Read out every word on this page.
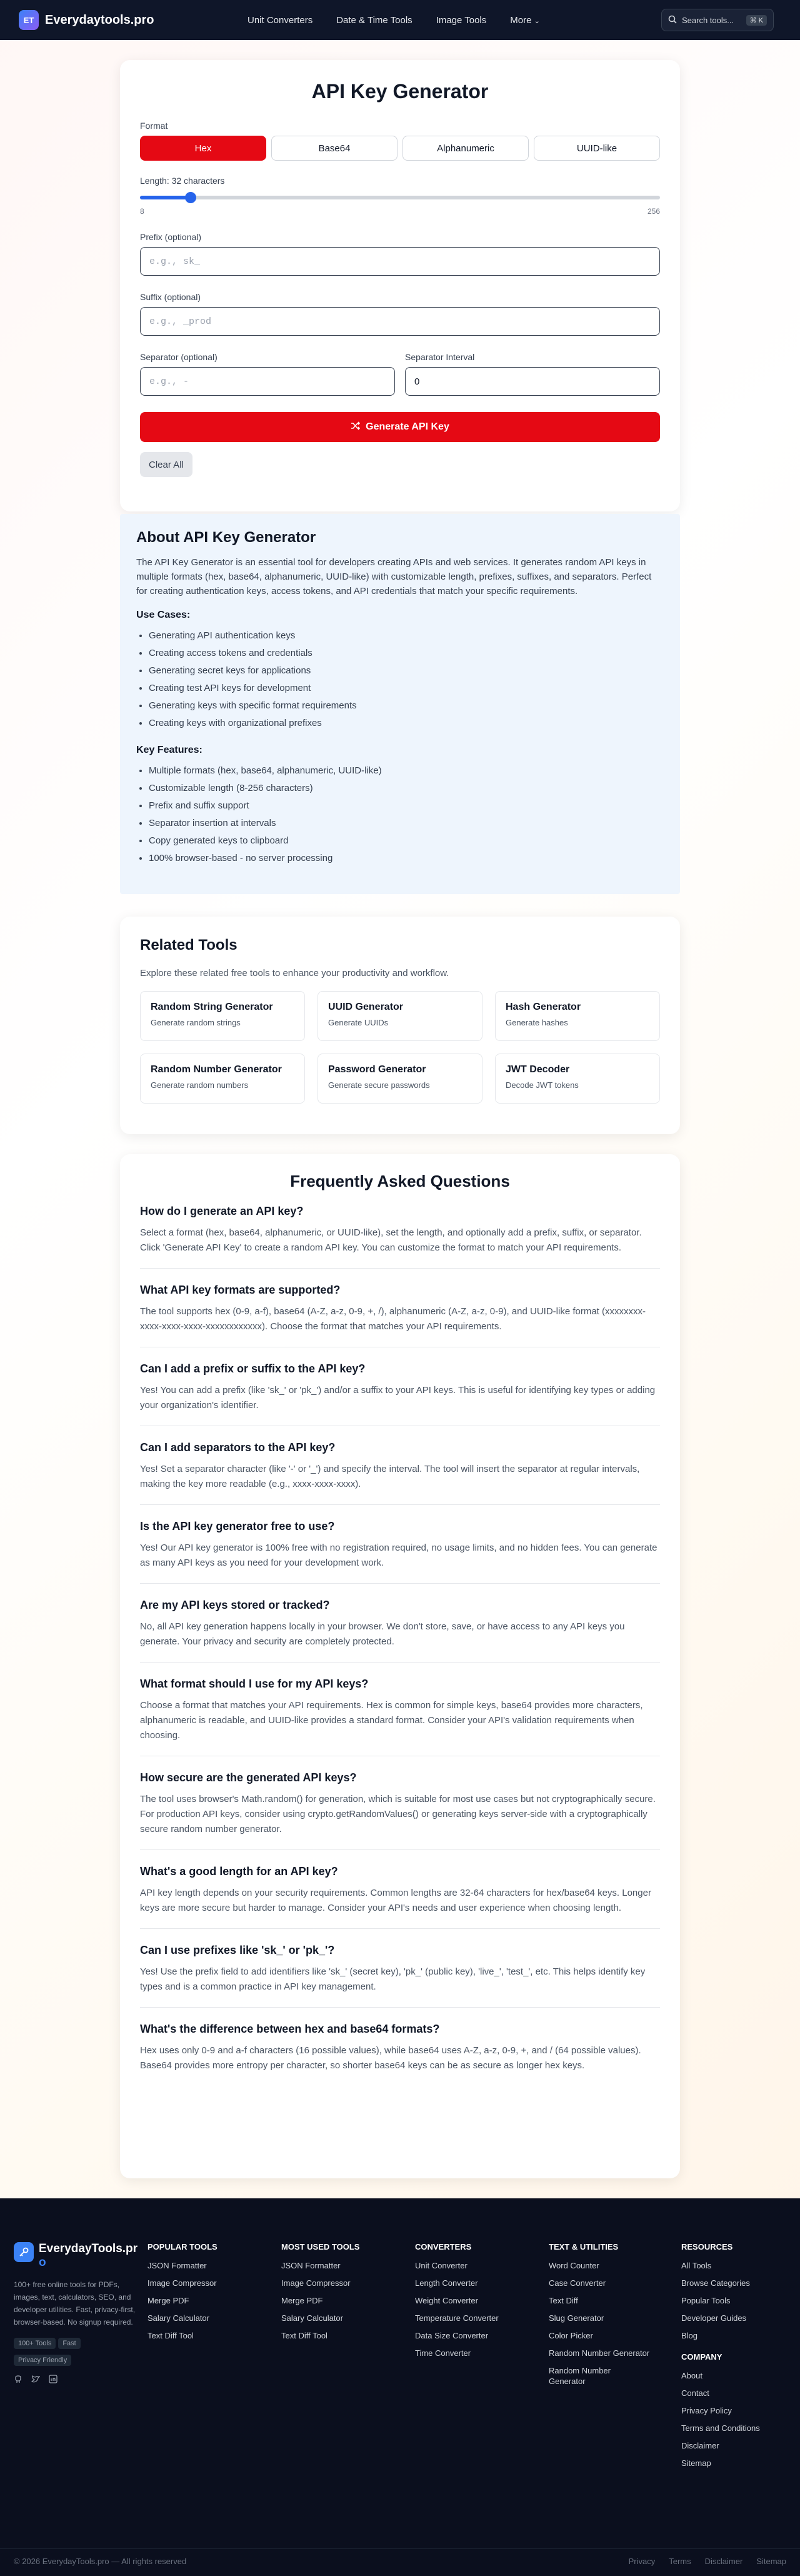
ET Everydaytools.pro	Unit Converters	Date & Time Tools	Image Tools	More ⌄	Search tools...	⌘ K
API Key Generator
Format
Hex	Base64	Alphanumeric	UUID-like
Length: 32 characters
8	256
Prefix (optional)
e.g., sk_
Suffix (optional)
e.g., _prod
Separator (optional)
e.g., -	Separator Interval
0
Generate API Key
Clear All
About API Key Generator

The API Key Generator is an essential tool for developers creating APIs and web services. It generates random API keys in multiple formats (hex, base64, alphanumeric, UUID-like) with customizable length, prefixes, suffixes, and separators. Perfect for creating authentication keys, access tokens, and API credentials that match your specific requirements.

Use Cases:
• Generating API authentication keys
• Creating access tokens and credentials
• Generating secret keys for applications
• Creating test API keys for development
• Generating keys with specific format requirements
• Creating keys with organizational prefixes
Key Features:
• Multiple formats (hex, base64, alphanumeric, UUID-like)
• Customizable length (8-256 characters)
• Prefix and suffix support
• Separator insertion at intervals
• Copy generated keys to clipboard
• 100% browser-based - no server processing
Related Tools

Explore these related free tools to enhance your productivity and workflow.

Random String Generator
Generate random strings
UUID Generator
Generate UUIDs
Hash Generator
Generate hashes
Random Number Generator
Generate random numbers
Password Generator
Generate secure passwords
JWT Decoder
Decode JWT tokens
Frequently Asked Questions
How do I generate an API key?

Select a format (hex, base64, alphanumeric, or UUID-like), set the length, and optionally add a prefix, suffix, or separator. Click 'Generate API Key' to create a random API key. You can customize the format to match your API requirements.

What API key formats are supported?

The tool supports hex (0-9, a-f), base64 (A-Z, a-z, 0-9, +, /), alphanumeric (A-Z, a-z, 0-9), and UUID-like format (xxxxxxxx-xxxx-xxxx-xxxx-xxxxxxxxxxxx). Choose the format that matches your API requirements.

Can I add a prefix or suffix to the API key?

Yes! You can add a prefix (like 'sk_' or 'pk_') and/or a suffix to your API keys. This is useful for identifying key types or adding your organization's identifier.

Can I add separators to the API key?

Yes! Set a separator character (like '-' or '_') and specify the interval. The tool will insert the separator at regular intervals, making the key more readable (e.g., xxxx-xxxx-xxxx).

Is the API key generator free to use?

Yes! Our API key generator is 100% free with no registration required, no usage limits, and no hidden fees. You can generate as many API keys as you need for your development work.

Are my API keys stored or tracked?

No, all API key generation happens locally in your browser. We don't store, save, or have access to any API keys you generate. Your privacy and security are completely protected.

What format should I use for my API keys?

Choose a format that matches your API requirements. Hex is common for simple keys, base64 provides more characters, alphanumeric is readable, and UUID-like provides a standard format. Consider your API's validation requirements when choosing.

How secure are the generated API keys?

The tool uses browser's Math.random() for generation, which is suitable for most use cases but not cryptographically secure. For production API keys, consider using crypto.getRandomValues() or generating keys server-side with a cryptographically secure random number generator.

What's a good length for an API key?

API key length depends on your security requirements. Common lengths are 32-64 characters for hex/base64 keys. Longer keys are more secure but harder to manage. Consider your API's needs and user experience when choosing length.

Can I use prefixes like 'sk_' or 'pk_'?

Yes! Use the prefix field to add identifiers like 'sk_' (secret key), 'pk_' (public key), 'live_', 'test_', etc. This helps identify key types and is a common practice in API key management.

What's the difference between hex and base64 formats?

Hex uses only 0-9 and a-f characters (16 possible values), while base64 uses A-Z, a-z, 0-9, +, and / (64 possible values). Base64 provides more entropy per character, so shorter base64 keys can be as secure as longer hex keys.

EverydayTools.pr
o
100+ free online tools for PDFs, images, text, calculators, SEO, and developer utilities. Fast, privacy-first, browser-based. No signup required.
100+ Tools Fast
Privacy Friendly
POPULAR TOOLS
JSON Formatter
Image Compressor
Merge PDF
Salary Calculator
Text Diff Tool
MOST USED TOOLS
JSON Formatter
Image Compressor
Merge PDF
Salary Calculator
Text Diff Tool
CONVERTERS
Unit Converter
Length Converter
Weight Converter
Temperature Converter
Data Size Converter
Time Converter
TEXT & UTILITIES
Word Counter
Case Converter
Text Diff
Slug Generator
Color Picker
Random Number Generator
Random Number Generator
RESOURCES
All Tools
Browse Categories
Popular Tools
Developer Guides
Blog
COMPANY
About
Contact
Privacy Policy
Terms and Conditions
Disclaimer
Sitemap
© 2026 EverydayTools.pro — All rights reserved	Privacy Terms Disclaimer Sitemap
